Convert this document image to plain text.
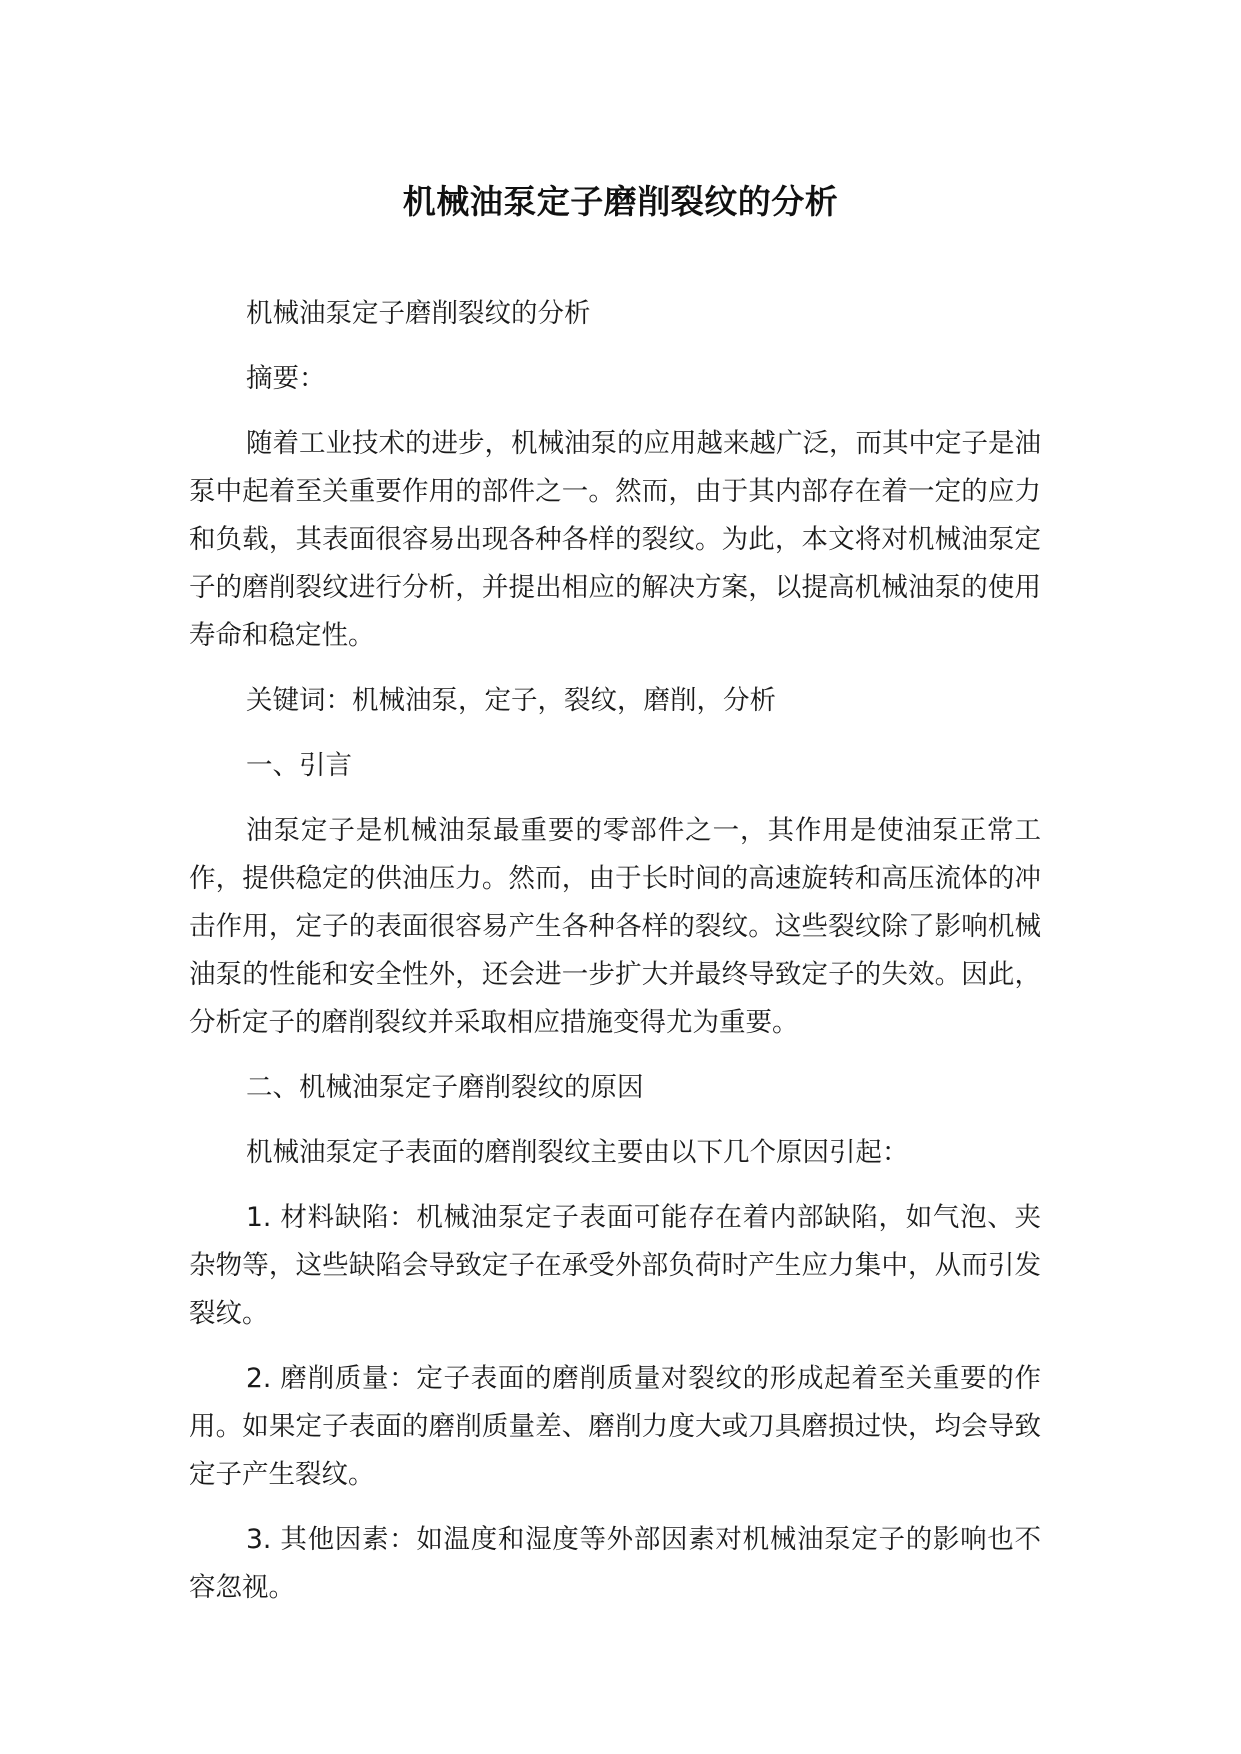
机械油泵定子磨削裂纹的分析

机械油泵定子磨削裂纹的分析

摘要：

随着工业技术的进步，机械油泵的应用越来越广泛，而其中定子是油泵中起着至关重要作用的部件之一。然而，由于其内部存在着一定的应力和负载，其表面很容易出现各种各样的裂纹。为此，本文将对机械油泵定子的磨削裂纹进行分析，并提出相应的解决方案，以提高机械油泵的使用寿命和稳定性。

关键词：机械油泵，定子，裂纹，磨削，分析

一、引言

油泵定子是机械油泵最重要的零部件之一，其作用是使油泵正常工作，提供稳定的供油压力。然而，由于长时间的高速旋转和高压流体的冲击作用，定子的表面很容易产生各种各样的裂纹。这些裂纹除了影响机械油泵的性能和安全性外，还会进一步扩大并最终导致定子的失效。因此，分析定子的磨削裂纹并采取相应措施变得尤为重要。

二、机械油泵定子磨削裂纹的原因

机械油泵定子表面的磨削裂纹主要由以下几个原因引起：

1. 材料缺陷：机械油泵定子表面可能存在着内部缺陷，如气泡、夹杂物等，这些缺陷会导致定子在承受外部负荷时产生应力集中，从而引发裂纹。

2. 磨削质量：定子表面的磨削质量对裂纹的形成起着至关重要的作用。如果定子表面的磨削质量差、磨削力度大或刀具磨损过快，均会导致定子产生裂纹。

3. 其他因素：如温度和湿度等外部因素对机械油泵定子的影响也不容忽视。
